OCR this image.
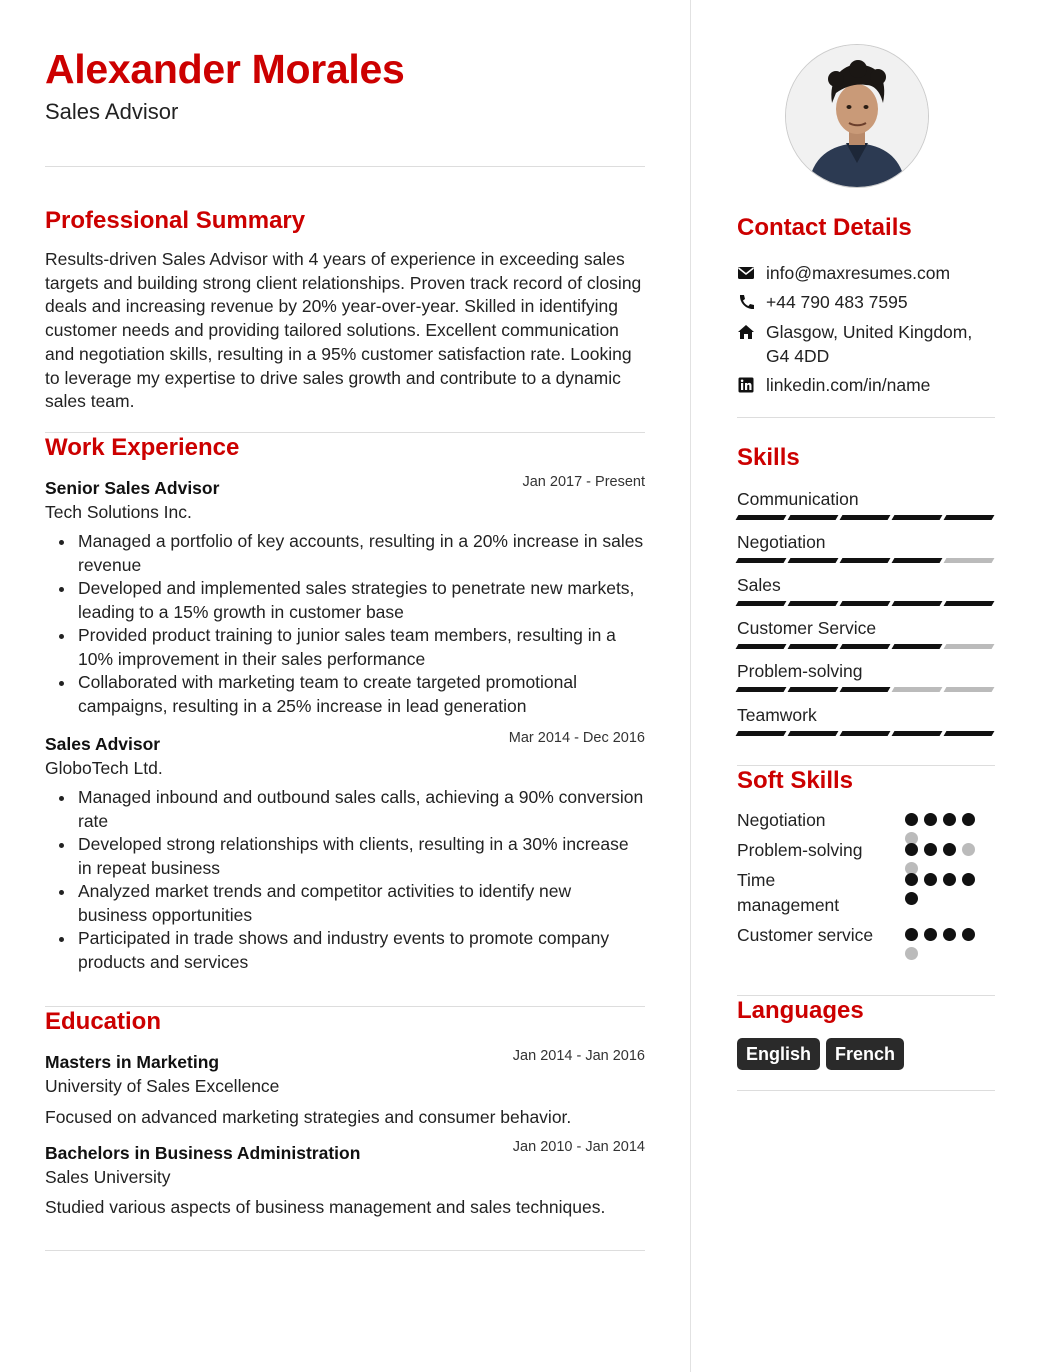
Alexander Morales
Sales Advisor
Professional Summary
Results-driven Sales Advisor with 4 years of experience in exceeding sales targets and building strong client relationships. Proven track record of closing deals and increasing revenue by 20% year-over-year. Skilled in identifying customer needs and providing tailored solutions. Excellent communication and negotiation skills, resulting in a 95% customer satisfaction rate. Looking to leverage my expertise to drive sales growth and contribute to a dynamic sales team.
Work Experience
Senior Sales Advisor	Jan 2017 - Present
Tech Solutions Inc.
Managed a portfolio of key accounts, resulting in a 20% increase in sales revenue
Developed and implemented sales strategies to penetrate new markets, leading to a 15% growth in customer base
Provided product training to junior sales team members, resulting in a 10% improvement in their sales performance
Collaborated with marketing team to create targeted promotional campaigns, resulting in a 25% increase in lead generation
Sales Advisor	Mar 2014 - Dec 2016
GloboTech Ltd.
Managed inbound and outbound sales calls, achieving a 90% conversion rate
Developed strong relationships with clients, resulting in a 30% increase in repeat business
Analyzed market trends and competitor activities to identify new business opportunities
Participated in trade shows and industry events to promote company products and services
Education
Masters in Marketing	Jan 2014 - Jan 2016
University of Sales Excellence
Focused on advanced marketing strategies and consumer behavior.
Bachelors in Business Administration	Jan 2010 - Jan 2014
Sales University
Studied various aspects of business management and sales techniques.
Contact Details
info@maxresumes.com
+44 790 483 7595
Glasgow, United Kingdom, G4 4DD
linkedin.com/in/name
Skills
Communication
Negotiation
Sales
Customer Service
Problem-solving
Teamwork
Soft Skills
Negotiation
Problem-solving
Time management
Customer service
Languages
English	French
